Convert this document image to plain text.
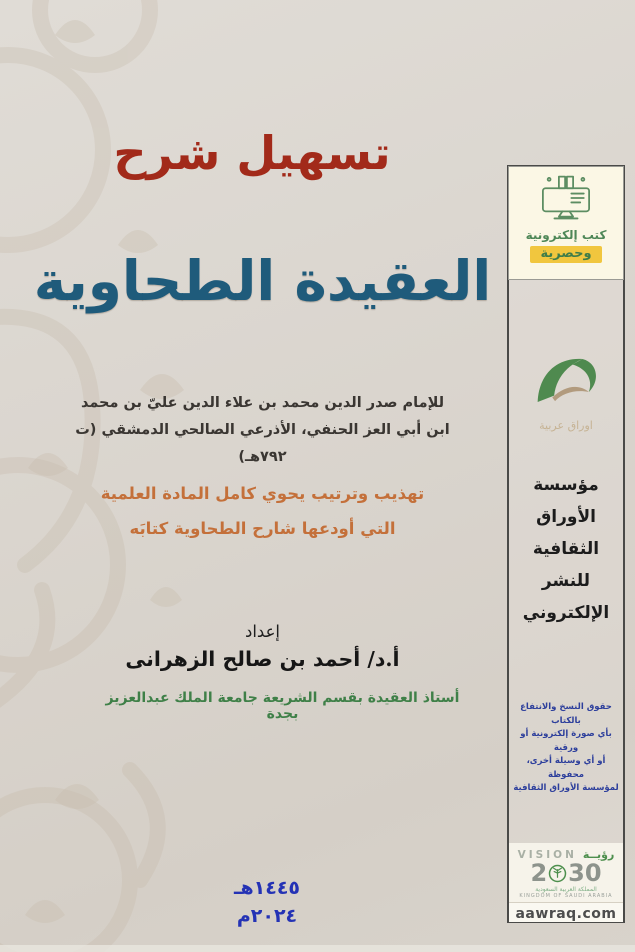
تسهيل شرح
العقيدة الطحاوية
للإمام صدر الدين محمد بن علاء الدين عليّ بن محمد
ابن أبي العز الحنفي، الأذرعي الصالحي الدمشقي (ت ٧٩٢هـ)
تهذيب وترتيب يحوي كامل المادة العلمية
التي أودعها شارح الطحاوية كتابَه
إعداد
أ.د/ أحمد بن صالح الزهرانى
أستاذ العقيدة بقسم الشريعة جامعة الملك عبدالعزيز بجدة
١٤٤٥هـ
٢٠٢٤م
كتب إلكترونية
وحصرية
اوراق عربية
مؤسسة
الأوراق
الثقافية
للنشر
الإلكتروني
حقوق النسخ والانتفاع بالكتاب
بأي صورة إلكترونية أو ورقية
أو أي وسيلة أخرى، محفوظة
لمؤسسة الأوراق الثقافية
VISION رؤيــة
2 30
المملكة العربية السعودية
KINGDOM OF SAUDI ARABIA
aawraq.com
